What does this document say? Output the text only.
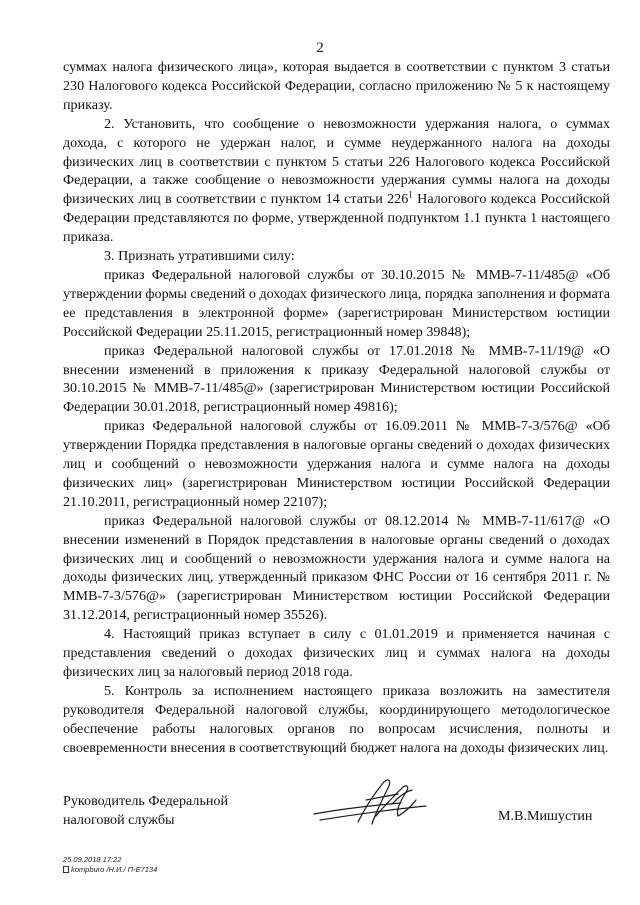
2

суммах налога физического лица», которая выдается в соответствии с пунктом 3 статьи 230 Налогового кодекса Российской Федерации, согласно приложению № 5 к настоящему приказу.

2. Установить, что сообщение о невозможности удержания налога, о суммах дохода, с которого не удержан налог, и сумме неудержанного налога на доходы физических лиц в соответствии с пунктом 5 статьи 226 Налогового кодекса Российской Федерации, а также сообщение о невозможности удержания суммы налога на доходы физических лиц в соответствии с пунктом 14 статьи $226^1$ Налогового кодекса Российской Федерации представляются по форме, утвержденной подпунктом 1.1 пункта 1 настоящего приказа.

3. Признать утратившими силу:

приказ Федеральной налоговой службы от 30.10.2015 № ММВ-7-11/485@ «Об утверждении формы сведений о доходах физического лица, порядка заполнения и формата ее представления в электронной форме» (зарегистрирован Министерством юстиции Российской Федерации 25.11.2015, регистрационный номер 39848);

приказ Федеральной налоговой службы от 17.01.2018 № ММВ-7-11/19@ «О внесении изменений в приложения к приказу Федеральной налоговой службы от 30.10.2015 № ММВ-7-11/485@» (зарегистрирован Министерством юстиции Российской Федерации 30.01.2018, регистрационный номер 49816);

приказ Федеральной налоговой службы от 16.09.2011 № ММВ-7-3/576@ «Об утверждении Порядка представления в налоговые органы сведений о доходах физических лиц и сообщений о невозможности удержания налога и сумме налога на доходы физических лиц» (зарегистрирован Министерством юстиции Российской Федерации 21.10.2011, регистрационный номер 22107);

приказ Федеральной налоговой службы от 08.12.2014 № ММВ-7-11/617@ «О внесении изменений в Порядок представления в налоговые органы сведений о доходах физических лиц и сообщений о невозможности удержания налога и сумме налога на доходы физических лиц, утвержденный приказом ФНС России от 16 сентября 2011 г. № ММВ-7-3/576@» (зарегистрирован Министерством юстиции Российской Федерации 31.12.2014, регистрационный номер 35526).

4. Настоящий приказ вступает в силу с 01.01.2019 и применяется начиная с представления сведений о доходах физических лиц и суммах налога на доходы физических лиц за налоговый период 2018 года.

5. Контроль за исполнением настоящего приказа возложить на заместителя руководителя Федеральной налоговой службы, координирующего методологическое обеспечение работы налоговых органов по вопросам исчисления, полноты и своевременности внесения в соответствующий бюджет налога на доходы физических лиц.

Руководитель Федеральной
налоговой службы	М.В.Мишустин
25.09.2018 17:22
kompburo /Н.И./ П-Е7134
